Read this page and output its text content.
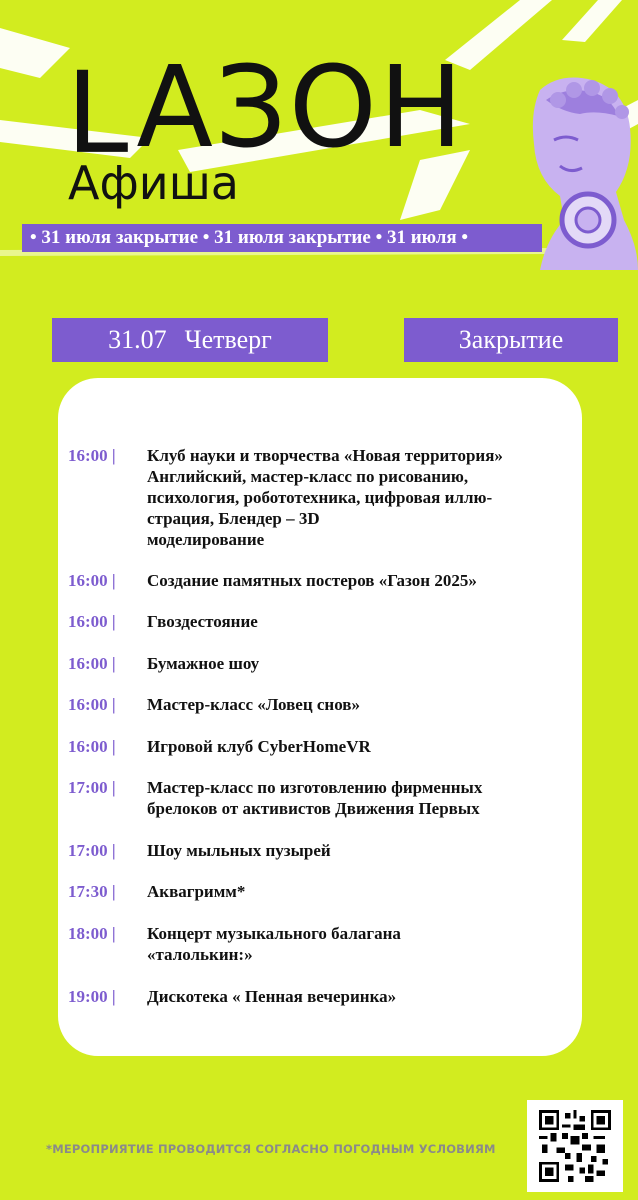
ГАЗОН
Афиша
• 31 июля закрытие • 31 июля закрытие • 31 июля •
31.07 Четверг	Закрытие
16:00 |	Клуб науки и творчества «Новая территория»
Английский, мастер-класс по рисованию,
психология, робототехника, цифровая иллю-
страция, Блендер – 3D
моделирование
16:00 |	Создание памятных постеров «Газон 2025»
16:00 |	Гвоздестояние
16:00 |	Бумажное шоу
16:00 |	Мастер-класс «Ловец снов»
16:00 |	Игровой клуб CyberHomeVR
17:00 |	Мастер-класс по изготовлению фирменных
брелоков от активистов Движения Первых
17:00 |	Шоу мыльных пузырей
17:30 |	Аквагримм*
18:00 |	Концерт музыкального балагана
«талолькин:»
19:00 |	Дискотека « Пенная вечеринка»
*МЕРОПРИЯТИЕ ПРОВОДИТСЯ СОГЛАСНО ПОГОДНЫМ УСЛОВИЯМ
